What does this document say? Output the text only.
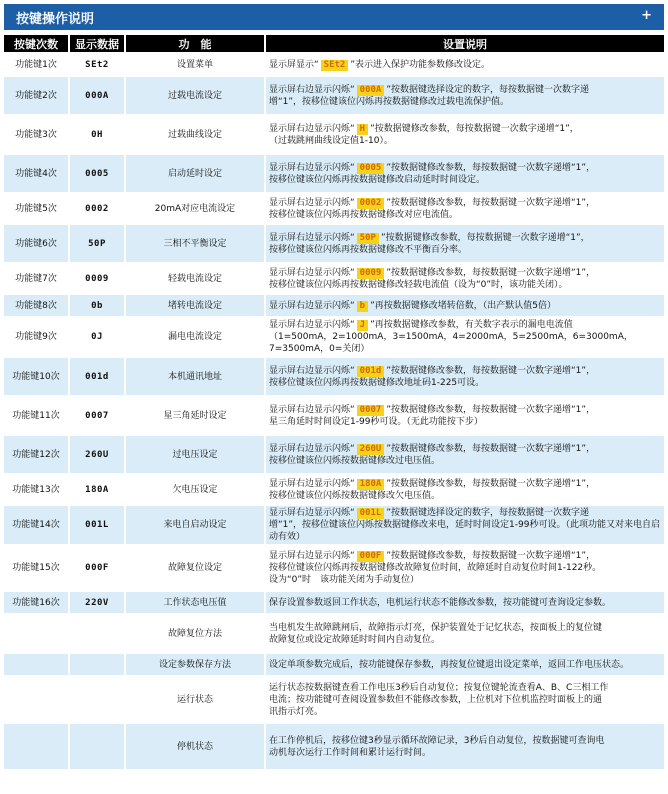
按键操作说明	+
按键次数	显示数据	功　能	设置说明
功能键1次	SEt2	设置菜单	显示屏显示“ SEt2 ”表示进入保护功能参数修改设定。
功能键2次	000A	过载电流设定	显示屏右边显示闪烁“ 000A ”按数据键选择设定的数字，每按数据键一次数字递
增“1”，按移位键该位闪烁再按数据键修改过载电流保护值。
功能键3次	0H	过载曲线设定	显示屏右边显示闪烁“ H ”按数据键修改参数，每按数据键一次数字递增“1”，
（过载跳闸曲线设定值1-10）。
功能键4次	0005	启动延时设定	显示屏右边显示闪烁“ 0005 ”按数据键修改参数，每按数据键一次数字递增“1”，
按移位键该位闪烁再按数据键修改启动延时时间设定。
功能键5次	0002	20mA对应电流设定	显示屏右边显示闪烁“ 0002 ”按数据键修改参数，每按数据键一次数字递增“1”，
按移位键该位闪烁再按数据键修改对应电流值。
功能键6次	50P	三相不平衡设定	显示屏右边显示闪烁“ 50P ”按数据键修改参数，每按数据键一次数字递增“1”，
按移位键该位闪烁再按数据键修改不平衡百分率。
功能键7次	0009	轻载电流设定	显示屏右边显示闪烁“ 0009 ”按数据键修改参数，每按数据键一次数字递增“1”，
按移位键该位闪烁再按数据键修改轻载电流值（设为“0”时，该功能关闭）。
功能键8次	0b	堵转电流设定	显示屏右边显示闪烁“ b ”再按数据键修改堵转倍数，（出产默认值5倍）
功能键9次	0J	漏电电流设定	显示屏右边显示闪烁“ J ”再按数据键修改参数，有关数字表示的漏电电流值
（1=500mA，2=1000mA，3=1500mA，4=2000mA，5=2500mA，6=3000mA，7=3500mA，0=关闭）
功能键10次	001d	本机通讯地址	显示屏右边显示闪烁“ 001d ”按数据键修改参数，每按数据键一次数字递增“1”，
按移位键该位闪烁再按数据键修改地址码1-225可设。
功能键11次	0007	星三角延时设定	显示屏右边显示闪烁“ 0007 ”按数据键修改参数，每按数据键一次数字递增“1”，
星三角延时时间设定1-99秒可设。（无此功能按下步）
功能键12次	260U	过电压设定	显示屏右边显示闪烁“ 260U ”按数据键修改参数，每按数据键一次数字递增“1”，
按移位键该位闪烁按数据键修改过电压值。
功能键13次	180A	欠电压设定	显示屏右边显示闪烁“ 180A ”按数据键修改参数，每按数据键一次数字递增“1”，
按移位键该位闪烁按数据键修改欠电压值。
功能键14次	001L	来电自启动设定	显示屏右边显示闪烁“ 001L ”按数据键选择设定的数字，每按数据键一次数字递
增“1”，按移位键该位闪烁按数据键修改来电，延时时间设定1-99秒可设。（此项功能又对来电自启动有效）
功能键15次	000F	故障复位设定	显示屏右边显示闪烁“ 000F ”按数据键修改参数，每按数据键一次数字递增“1”，
按移位键该位闪烁再按数据键修改故障复位时间，故障延时自动复位时间1-122秒。
设为“0”时　该功能关闭为手动复位）
功能键16次	220V	工作状态电压值	保存设置参数返回工作状态，电机运行状态不能修改参数，按功能键可查询设定参数。
		故障复位方法	当电机发生故障跳闸后，故障指示灯亮，保护装置处于记忆状态，按面板上的复位键
故障复位或设定故障延时时间内自动复位。
		设定参数保存方法	设定单项参数完成后，按功能键保存参数，再按复位键退出设定菜单，返回工作电压状态。
		运行状态	运行状态按数据键查看工作电压3秒后自动复位；按复位键轮流查看A、B、C三相工作
电流；按功能键可查阅设置参数但不能修改参数，上位机对下位机监控时面板上的通
讯指示灯亮。
		停机状态	在工作停机后，按移位键3秒显示循环故障记录，3秒后自动复位，按数据键可查询电
动机每次运行工作时间和累计运行时间。
